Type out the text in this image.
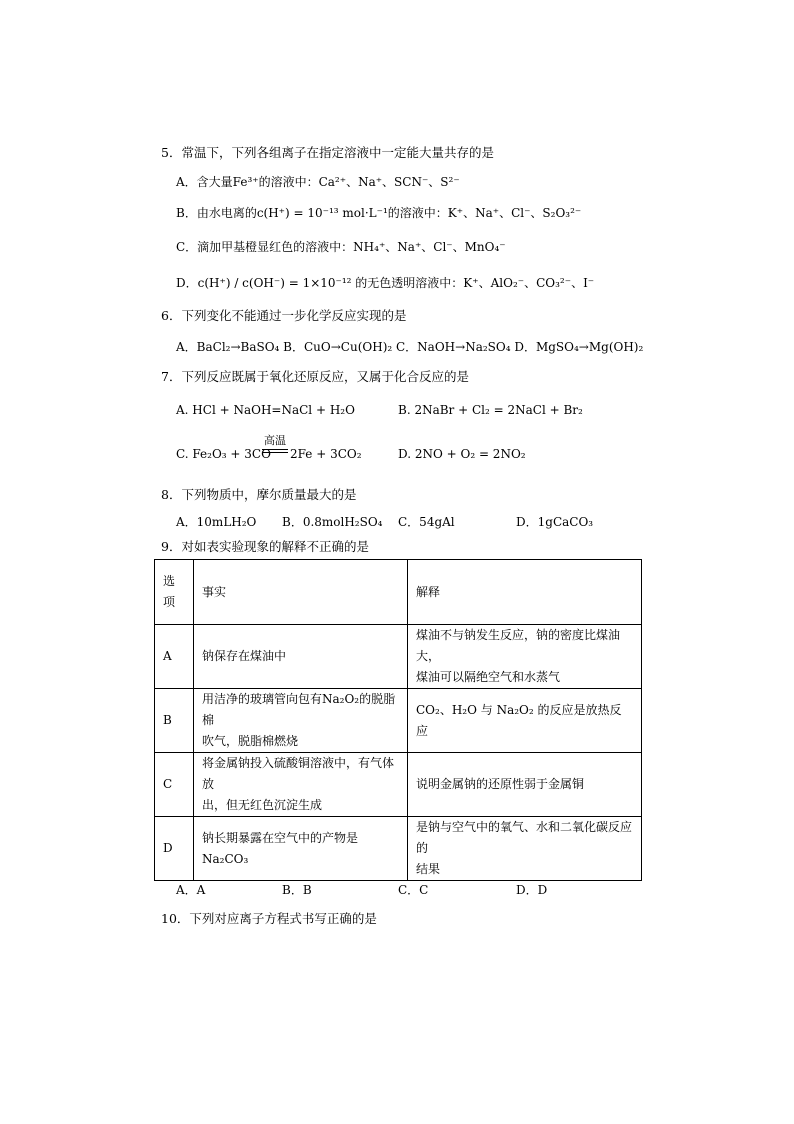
5．常温下，下列各组离子在指定溶液中一定能大量共存的是
A．含大量Fe³⁺的溶液中：Ca²⁺、Na⁺、SCN⁻、S²⁻
B．由水电离的c(H⁺) = 10⁻¹³ mol·L⁻¹的溶液中：K⁺、Na⁺、Cl⁻、S₂O₃²⁻
C．滴加甲基橙显红色的溶液中：NH₄⁺、Na⁺、Cl⁻、MnO₄⁻
D．c(H⁺) / c(OH⁻) = 1×10⁻¹² 的无色透明溶液中：K⁺、AlO₂⁻、CO₃²⁻、I⁻
6．下列变化不能通过一步化学反应实现的是
A．BaCl₂→BaSO₄ B．CuO→Cu(OH)₂ C．NaOH→Na₂SO₄ D．MgSO₄→Mg(OH)₂
7．下列反应既属于氧化还原反应，又属于化合反应的是
A. HCl + NaOH=NaCl + H₂O	B. 2NaBr + Cl₂ = 2NaCl + Br₂
C. Fe₂O₃ + 3CO
高温
2Fe + 3CO₂	D. 2NO + O₂ = 2NO₂
8．下列物质中，摩尔质量最大的是
A．10mLH₂O B．0.8molH₂SO₄ C．54gAl	D．1gCaCO₃
9．对如表实验现象的解释不正确的是
选
项	事实	解释
A	钠保存在煤油中	煤油不与钠发生反应，钠的密度比煤油大，
煤油可以隔绝空气和水蒸气
B	用洁净的玻璃管向包有Na₂O₂的脱脂棉
吹气，脱脂棉燃烧	CO₂、H₂O 与 Na₂O₂ 的反应是放热反应
C	将金属钠投入硫酸铜溶液中，有气体放
出，但无红色沉淀生成	说明金属钠的还原性弱于金属铜
D	钠长期暴露在空气中的产物是 Na₂CO₃	是钠与空气中的氧气、水和二氧化碳反应的
结果
A．A	B．B	C．C	D．D
10．下列对应离子方程式书写正确的是
